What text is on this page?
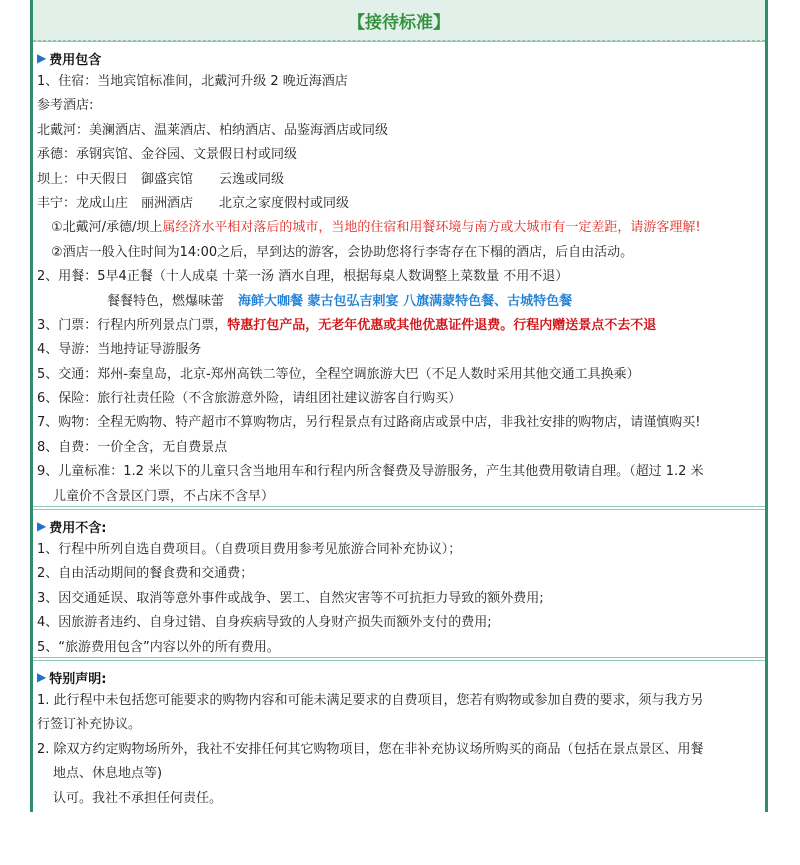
【接待标准】
▶ 费用包含
1、住宿：当地宾馆标准间，北戴河升级 2 晚近海酒店
参考酒店:
北戴河：美澜酒店、温莱酒店、柏纳酒店、品鉴海酒店或同级
承德：承钢宾馆、金谷园、文景假日村或同级
坝上：中天假日　御盛宾馆　　云逸或同级
丰宁：龙成山庄　丽洲酒店　　北京之家度假村或同级
①北戴河/承德/坝上属经济水平相对落后的城市，当地的住宿和用餐环境与南方或大城市有一定差距，请游客理解!
②酒店一般入住时间为14:00之后，早到达的游客，会协助您将行李寄存在下榻的酒店，后自由活动。
2、用餐：5早4正餐（十人成桌 十菜一汤 酒水自理，根据每桌人数调整上菜数量 不用不退）
餐餐特色，燃爆味蕾 海鲜大咖餐 蒙古包弘吉剌宴 八旗满蒙特色餐、古城特色餐
3、门票：行程内所列景点门票，特惠打包产品，无老年优惠或其他优惠证件退费。行程内赠送景点不去不退
4、导游：当地持证导游服务
5、交通：郑州-秦皇岛，北京-郑州高铁二等位，全程空调旅游大巴（不足人数时采用其他交通工具换乘）
6、保险：旅行社责任险（不含旅游意外险，请组团社建议游客自行购买）
7、购物：全程无购物、特产超市不算购物店，另行程景点有过路商店或景中店，非我社安排的购物店，请谨慎购买!
8、自费：一价全含，无自费景点
9、儿童标准：1.2 米以下的儿童只含当地用车和行程内所含餐费及导游服务，产生其他费用敬请自理。（超过 1.2 米
儿童价不含景区门票，不占床不含早）
▶ 费用不含:
1、行程中所列自选自费项目。（自费项目费用参考见旅游合同补充协议）；
2、自由活动期间的餐食费和交通费；
3、因交通延误、取消等意外事件或战争、罢工、自然灾害等不可抗拒力导致的额外费用;
4、因旅游者违约、自身过错、自身疾病导致的人身财产损失而额外支付的费用;
5、“旅游费用包含”内容以外的所有费用。
▶ 特别声明:
1. 此行程中未包括您可能要求的购物内容和可能未满足要求的自费项目，您若有购物或参加自费的要求，须与我方另
行签订补充协议。
2. 除双方约定购物场所外，我社不安排任何其它购物项目，您在非补充协议场所购买的商品（包括在景点景区、用餐
地点、休息地点等)
认可。我社不承担任何责任。
